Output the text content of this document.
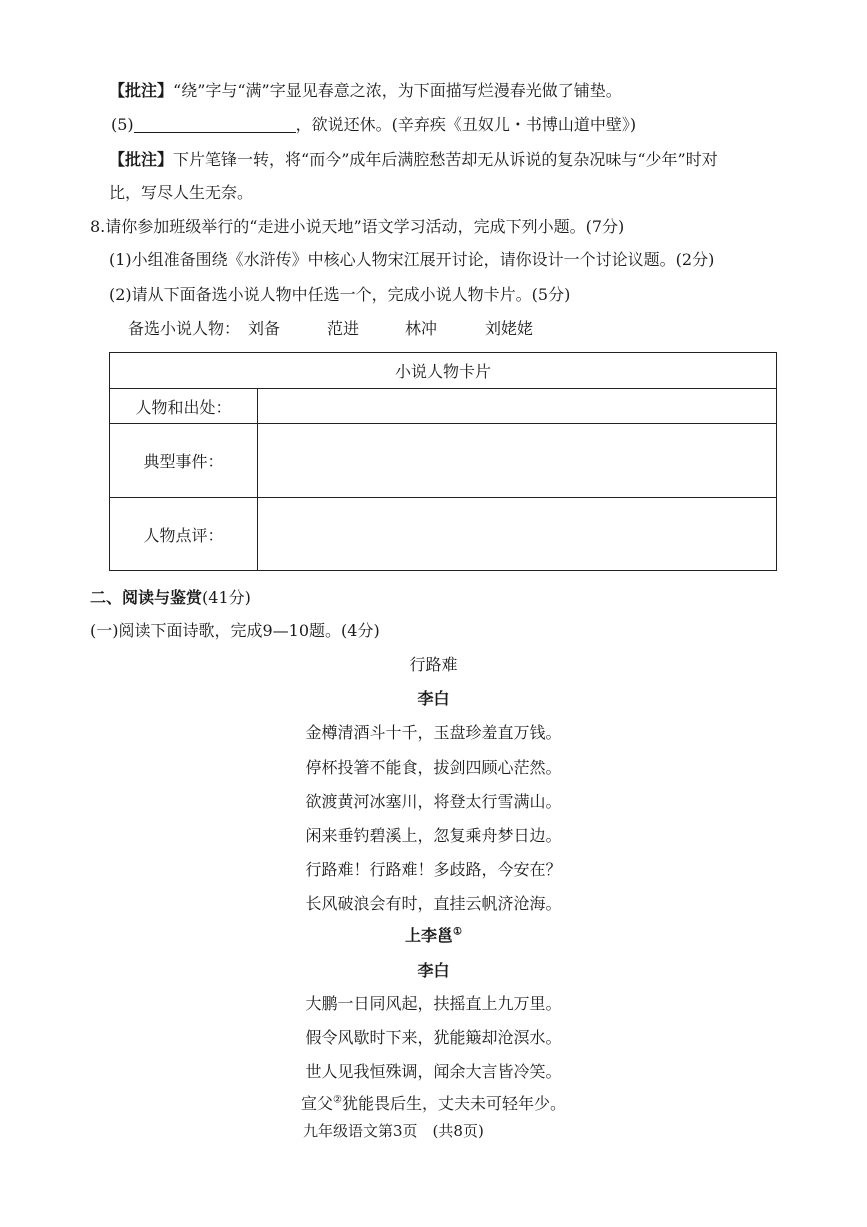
【批注】“绕”字与“满”字显见春意之浓，为下面描写烂漫春光做了铺垫。
(5)	，欲说还休。(辛弃疾《丑奴儿・书博山道中壁》)
【批注】下片笔锋一转，将“而今”成年后满腔愁苦却无从诉说的复杂况味与“少年”时对
比，写尽人生无奈。
8.请你参加班级举行的“走进小说天地”语文学习活动，完成下列小题。(7分)
(1)小组准备围绕《水浒传》中核心人物宋江展开讨论，请你设计一个讨论议题。(2分)
(2)请从下面备选小说人物中任选一个，完成小说人物卡片。(5分)
备选小说人物： 刘备	范进	林冲	刘姥姥
小说人物卡片
人物和出处：
典型事件：
人物点评：
二、阅读与鉴赏(41分)
(一)阅读下面诗歌，完成9—10题。(4分)
行路难
李白
金樽清酒斗十千，玉盘珍羞直万钱。
停杯投箸不能食，拔剑四顾心茫然。
欲渡黄河冰塞川，将登太行雪满山。
闲来垂钓碧溪上，忽复乘舟梦日边。
行路难！行路难！多歧路，今安在？
长风破浪会有时，直挂云帆济沧海。
上李邕①
李白
大鹏一日同风起，扶摇直上九万里。
假令风歇时下来，犹能簸却沧溟水。
世人见我恒殊调，闻余大言皆冷笑。
宣父②犹能畏后生，丈夫未可轻年少。
九年级语文第3页　(共8页)
